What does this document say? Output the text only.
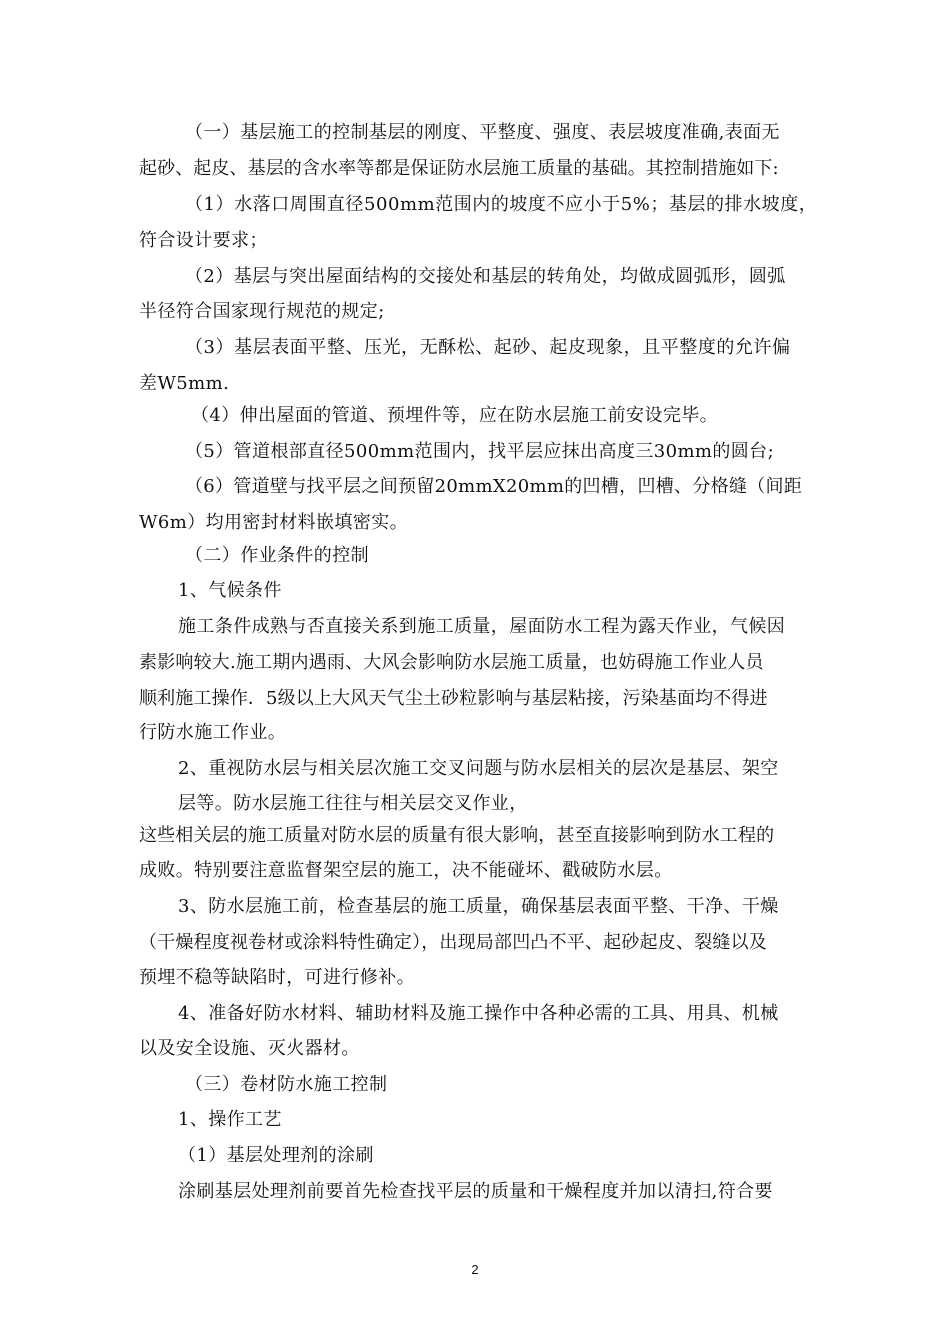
（一）基层施工的控制基层的刚度、平整度、强度、表层坡度准确,表面无
起砂、起皮、基层的含水率等都是保证防水层施工质量的基础。其控制措施如下:
（1）水落口周围直径500mm范围内的坡度不应小于5%；基层的排水坡度，
符合设计要求；
（2）基层与突出屋面结构的交接处和基层的转角处，均做成圆弧形，圆弧
半径符合国家现行规范的规定;
（3）基层表面平整、压光，无酥松、起砂、起皮现象，且平整度的允许偏
差W5mm.
（4）伸出屋面的管道、预埋件等，应在防水层施工前安设完毕。
（5）管道根部直径500mm范围内，找平层应抹出高度三30mm的圆台;
（6）管道壁与找平层之间预留20mmX20mm的凹槽，凹槽、分格缝（间距
W6m）均用密封材料嵌填密实。
（二）作业条件的控制
1、气候条件
施工条件成熟与否直接关系到施工质量，屋面防水工程为露天作业，气候因
素影响较大.施工期内遇雨、大风会影响防水层施工质量，也妨碍施工作业人员
顺利施工操作．5级以上大风天气尘土砂粒影响与基层粘接，污染基面均不得进
行防水施工作业。
2、重视防水层与相关层次施工交叉问题与防水层相关的层次是基层、架空
层等。防水层施工往往与相关层交叉作业，
这些相关层的施工质量对防水层的质量有很大影响，甚至直接影响到防水工程的
成败。特别要注意监督架空层的施工，决不能碰坏、戳破防水层。
3、防水层施工前，检查基层的施工质量，确保基层表面平整、干净、干燥
（干燥程度视卷材或涂料特性确定），出现局部凹凸不平、起砂起皮、裂缝以及
预埋不稳等缺陷时，可进行修补。
4、准备好防水材料、辅助材料及施工操作中各种必需的工具、用具、机械
以及安全设施、灭火器材。
（三）卷材防水施工控制
1、操作工艺
（1）基层处理剂的涂刷
涂刷基层处理剂前要首先检查找平层的质量和干燥程度并加以清扫,符合要
2
